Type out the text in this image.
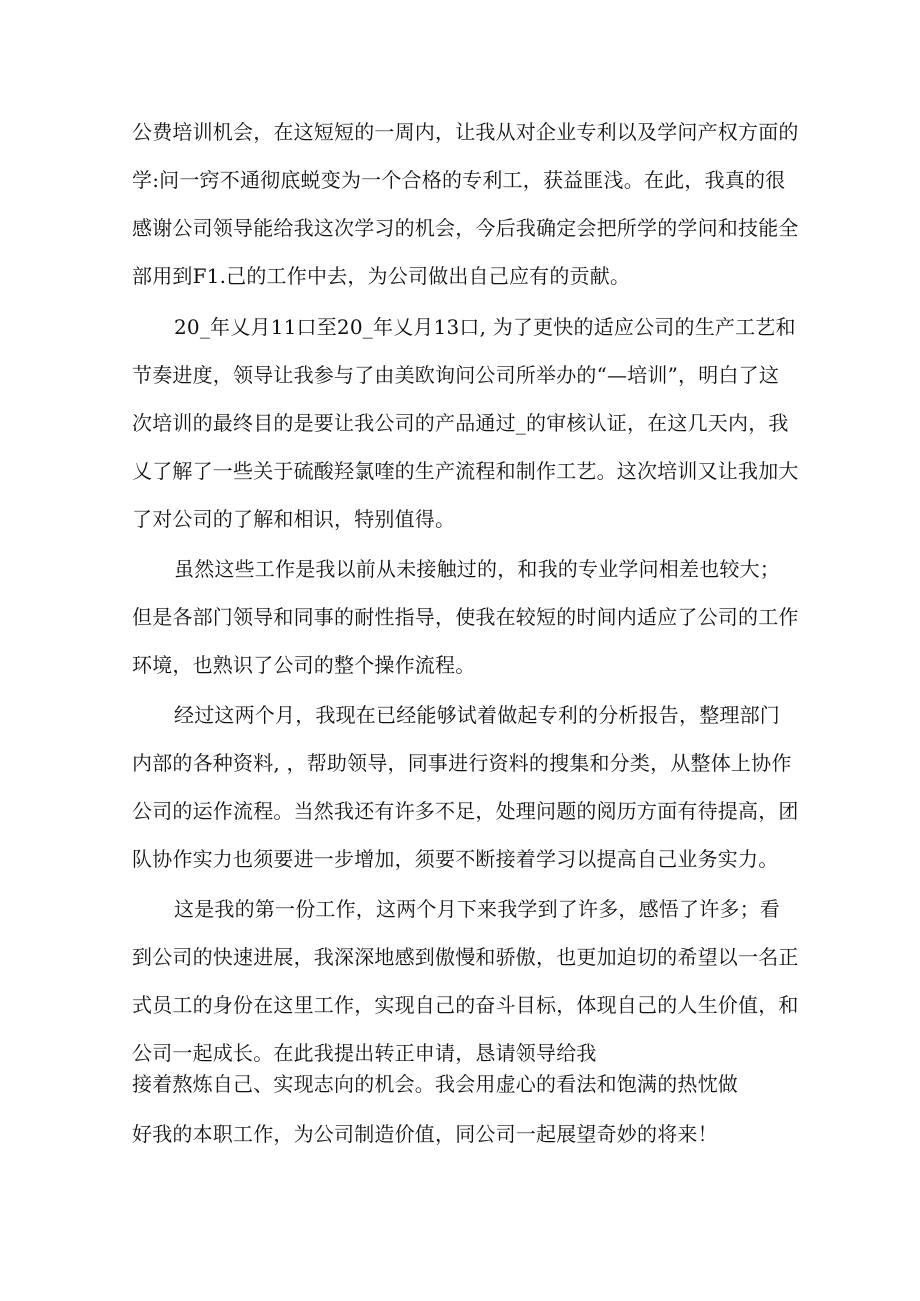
公费培训机会，在这短短的一周内，让我从对企业专利以及学问产权方面的
学:问一窍不通彻底蜕变为一个合格的专利工，获益匪浅。在此，我真的很
感谢公司领导能给我这次学习的机会，今后我确定会把所学的学问和技能全
部用到F1.己的工作中去，为公司做出自己应有的贡献。
20_年乂月11口至20_年乂月13口, 为了更快的适应公司的生产工艺和
节奏进度，领导让我参与了由美欧询问公司所举办的“—培训”，明白了这
次培训的最终目的是要让我公司的产品通过_的审核认证，在这几天内，我
乂了解了一些关于硫酸羟氯喹的生产流程和制作工艺。这次培训又让我加大
了对公司的了解和相识，特别值得。
虽然这些工作是我以前从未接触过的，和我的专业学问相差也较大；
但是各部门领导和同事的耐性指导，使我在较短的时间内适应了公司的工作
环境，也熟识了公司的整个操作流程。
经过这两个月，我现在已经能够试着做起专利的分析报告，整理部门
内部的各种资料, ，帮助领导，同事进行资料的搜集和分类，从整体上协作
公司的运作流程。当然我还有许多不足，处理问题的阅历方面有待提高，团
队协作实力也须要进一步增加，须要不断接着学习以提高自己业务实力。
这是我的第一份工作，这两个月下来我学到了许多，感悟了许多；看
到公司的快速进展，我深深地感到傲慢和骄傲，也更加迫切的希望以一名正
式员工的身份在这里工作，实现自己的奋斗目标，体现自己的人生价值，和
公司一起成长。在此我提出转正申请，恳请领导给我
接着熬炼自己、实现志向的机会。我会用虚心的看法和饱满的热忱做
好我的本职工作，为公司制造价值，同公司一起展望奇妙的将来！
